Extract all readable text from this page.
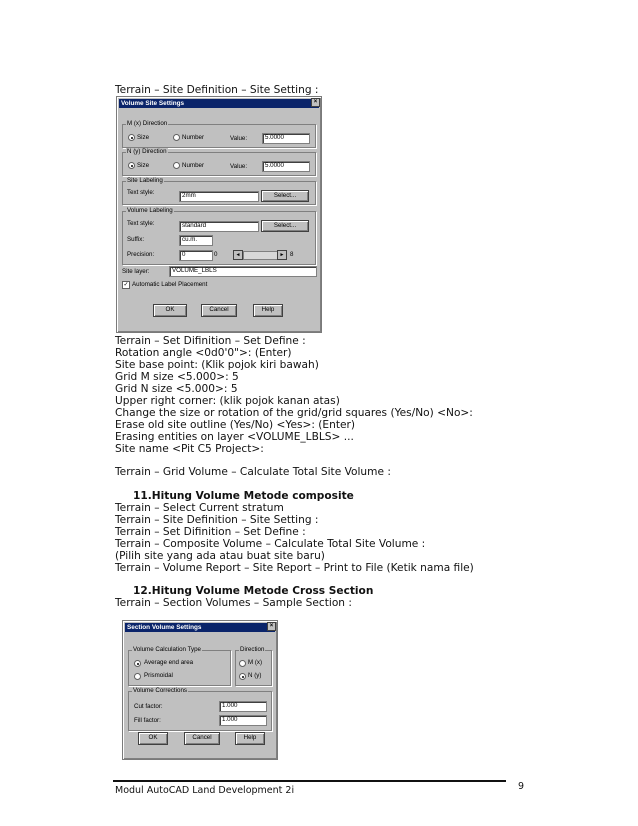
Terrain – Site Definition – Site Setting :
Volume Site Settings	×
M (x) Direction
Size	Number	Value:	5.0000
N (y) Direction
Size	Number	Value:	5.0000
Site Labeling
Text style:	2mm	Select...
Volume Labeling
Text style:	standard	Select...
Suffix:	cu.m.
Precision:	0	0	◄	► 8
Site layer:	VOLUME_LBLS
✓ Automatic Label Placement
OK	Cancel	Help
Terrain – Set Difinition – Set Define :
Rotation angle <0d0'0">: (Enter)
Site base point: (Klik pojok kiri bawah)
Grid M size <5.000>: 5
Grid N size <5.000>: 5
Upper right corner: (klik pojok kanan atas)
Change the size or rotation of the grid/grid squares (Yes/No) <No>:
Erase old site outline (Yes/No) <Yes>: (Enter)
Erasing entities on layer <VOLUME_LBLS> ...
Site name <Pit C5 Project>:
Terrain – Grid Volume – Calculate Total Site Volume :
11.Hitung Volume Metode composite
Terrain – Select Current stratum
Terrain – Site Definition – Site Setting :
Terrain – Set Difinition – Set Define :
Terrain – Composite Volume – Calculate Total Site Volume :
(Pilih site yang ada atau buat site baru)
Terrain – Volume Report – Site Report – Print to File (Ketik nama file)
12.Hitung Volume Metode Cross Section
Terrain – Section Volumes – Sample Section :
Section Volume Settings	×
Volume Calculation Type
Average end area
Prismoidal
Direction
M (x)
N (y)
Volume Corrections
Cut factor:	1.000
Fill factor:	1.000
OK	Cancel	Help
Modul AutoCAD Land Development 2i	9
